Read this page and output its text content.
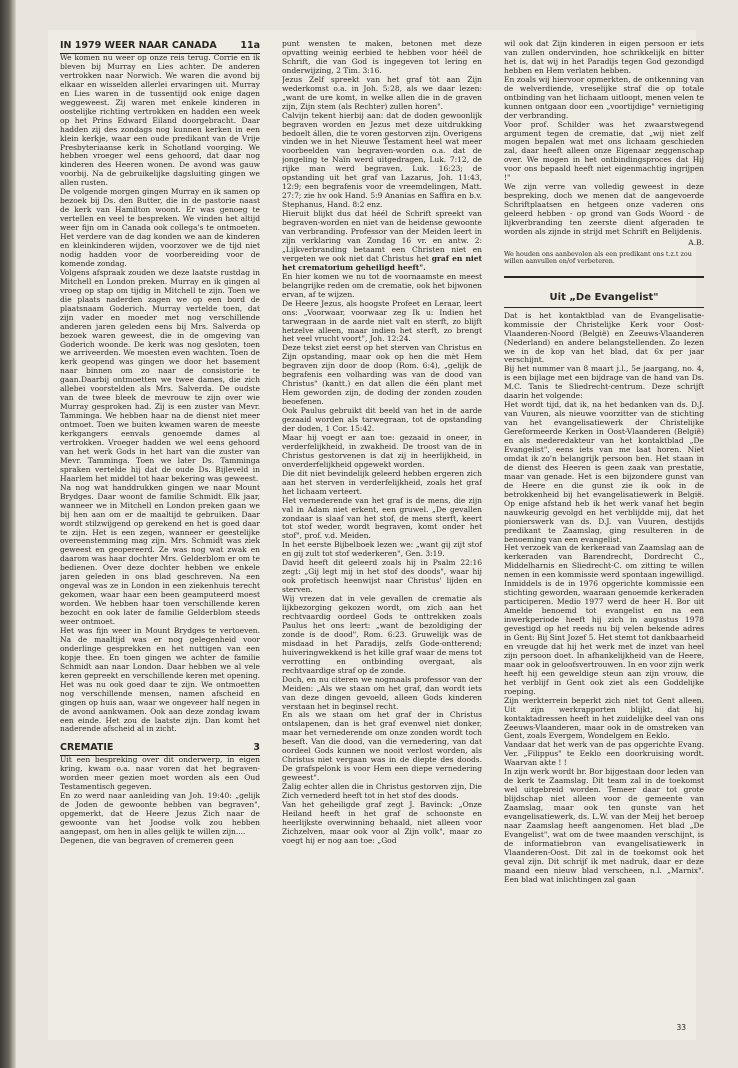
IN 1979 WEER NAAR CANADA 11a

We komen nu weer op onze reis terug. Corrie en ik bleven bij Murray en Lies achter. De anderen vertrokken naar Norwich. We waren die avond bij elkaar en wisselden allerlei ervaringen uit. Murray en Lies waren in de tussentijd ook enige dagen weggeweest. Zij waren met enkele kinderen in oostelijke richting vertrokken en hadden een week op het Prins Edward Eiland doorgebracht. Daar hadden zij des zondags nog kunnen kerken in een klein kerkje, waar een oude predikant van de Vrije Presbyteriaanse kerk in Schotland voorging. We hebben vroeger wel eens gehoord, dat daar nog kinderen des Heeren wonen. De avond was gauw voorbij. Na de gebruikelijke dagsluiting gingen we allen rusten.

De volgende morgen gingen Murray en ik samen op bezoek bij Ds. den Butter, die in de pastorie naast de kerk van Hamilton woont. Er was genoeg te vertellen en veel te bespreken. We vinden het altijd weer fijn om in Canada ook collega's te ontmoeten. Het verdere van de dag konden we aan de kinderen en kleinkinderen wijden, voorzover we de tijd niet nodig hadden voor de voorbereiding voor de komende zondag.

Volgens afspraak zouden we deze laatste rustdag in Mitchell en London preken. Murray en ik gingen al vroeg op stap om tijdig in Mitchell te zijn. Toen we die plaats naderden zagen we op een bord de plaatsnaam Goderich. Murray vertelde toen, dat zijn vader en moeder met nog verschillende anderen jaren geleden eens bij Mrs. Salverda op bezoek waren geweest, die in de omgeving van Goderich woonde. De kerk was nog gesloten, toen we arriveerden. We moesten even wachten. Toen de kerk geopend was gingen we door het basement naar binnen om zo naar de consistorie te gaan.Daarbij ontmoetten we twee dames, die zich allebei voorstelden als Mrs. Salverda. De oudste van de twee bleek de mevrouw te zijn over wie Murray gesproken had. Zij is een zuster van Mevr. Tamminga. We hebben haar na de dienst niet meer ontmoet. Toen we buiten kwamen waren de meeste kerkgangers eenvals genoemde dames al vertrokken. Vroeger hadden we wel eens gehoord van het werk Gods in het hart van die zuster van Mevr. Tamminga. Toen we later Ds. Tamminga spraken vertelde hij dat de oude Ds. Bijleveld in Haarlem het middel tot haar bekering was geweest.

Na nog wat handdrukken gingen we naar Mount Brydges. Daar woont de familie Schmidt. Elk jaar, wanneer we in Mitchell en London preken gaan we bij hen aan om er de maaltijd te gebruiken. Daar wordt stilzwijgend op gerekend en het is goed daar te zijn. Het is een zegen, wanneer er geestelijke overeenstemming mag zijn. Mrs. Schmidt was ziek geweest en geopereerd. Ze was nog wat zwak en daarom was haar dochter Mrs. Gelderblom er om te bedienen. Over deze dochter hebben we enkele jaren geleden in ons blad geschreven. Na een ongeval was ze in London in een ziekenhuis terecht gekomen, waar haar een been geamputeerd moest worden. We hebben haar toen verschillende keren bezocht en ook later de familie Gelderblom steeds weer ontmoet.

Het was fijn weer in Mount Brydges te vertoeven. Na de maaltijd was er nog gelegenheid voor onderlinge gesprekken en het nuttigen van een kopje thee. En toen gingen we achter de familie Schmidt aan naar London. Daar hebben we al vele keren gepreekt en verschillende keren met opening. Het was nu ook goed daar te zijn. We ontmoetten nog verschillende mensen, namen afscheid en gingen op huis aan, waar we ongeveer half negen in de avond aankwamen. Ook aan deze zondag kwam een einde. Het zou de laatste zijn. Dan komt het naderende afscheid al in zicht.

CREMATIE	3

Uit een bespreking over dit onderwerp, in eigen kring, kwam o.a. naar voren dat het begraven-worden meer gezien moet worden als een Oud Testamentisch gegeven.

En zo werd naar aanleiding van Joh. 19:40: „gelijk de Joden de gewoonte hebben van begraven", opgemerkt, dat de Heere Jezus Zich naar de gewoonte van het Joodse volk zou hebben aangepast, om hen in alles gelijk te willen zijn....

Degenen, die van begraven of cremeren geen

punt wensten te maken, betonen met deze opvatting weinig eerbied te hebben voor héél de Schrift, die van God is ingegeven tot lering en onderwijzing, 2 Tim. 3:16.

Jezus Zelf spreekt van het graf tòt aan Zijn wederkomst o.a. in Joh. 5:28, als we daar lezen: „want de ure komt, in welke allen die in de graven zijn, Zijn stem (als Rechter) zullen horen".

Calvijn tekent hierbij aan: dat de doden gewoonlijk begraven worden en Jezus met deze uitdrukking bedoelt állen, die te voren gestorven zijn. Overigens vinden we in het Nieuwe Testament heel wat meer voorbeelden van begraven-worden o.a. dat de jongeling te Naïn werd uitgedragen, Luk. 7:12, de rijke man werd begraven, Luk. 16:23; de opstanding uit het graf van Lazarus, Joh. 11:43, 12:9; een begrafenis voor de vreemdelingen, Matt. 27:7; zie hv ook Hand. 5:9 Ananias en Saffira en b.v. Stephanus, Hand. 8:2 enz.

Hieruit blijkt dus dat héél de Schrift spreekt van begraven-worden en niet van de heidense gewoonte van verbranding. Professor van der Meiden leert in zijn verklaring van Zondag 16 vr. en antw. 2: „Lijkverbranding betaamt een Christen niet en vergeten we ook niet dat Christus het graf en niet het crematorium geheiligd heeft".

En hier komen we nu tot de voornaamste en meest belangrijke reden om de crematie, ook het bijwonen ervan, af te wijzen.

De Heere Jezus, als hoogste Profeet en Leraar, leert ons: „Voorwaar, voorwaar zeg Ik u: Indien het tarwegraan in de aarde niet valt en sterft, zo blijft hetzelve alleen, maar indien het sterft, zo brengt het veel vrucht voort", Joh. 12:24.

Deze tekst ziet eerst op het sterven van Christus en Zijn opstanding, maar ook op hen die mèt Hem begraven zijn door de doop (Rom. 6:4), „gelijk de begrafenis een volharding was van de dood van Christus" (kantt.) en dat allen die één plant met Hem geworden zijn, de doding der zonden zouden beoefenen.

Ook Paulus gebruikt dit beeld van het in de aarde gezaaid worden als tarwegraan, tot de opstanding der doden, 1 Cor. 15:42.

Maar hij voegt er aan toe: gezaaid in oneer, in verderfelijkheid, in zwakheid. De troost van de in Christus gestorvenen is dat zij in heerlijkheid, in onverderfelijkheid opgewekt worden.

Die dit niet bevindelijk geleerd hebben ergeren zich aan het sterven in verderfelijkheid, zoals het graf het lichaam verteert.

Het vernederende van het graf is de mens, die zijn val in Adam niet erkent, een gruwel. „De gevallen zondaar is slaaf van het stof, de mens sterft, keert tot stof weder, wordt begraven, komt onder het stof", prof. v.d. Meiden.

In het eerste Bijbelboek lezen we: „want gij zijt stof en gij zult tot stof wederkeren", Gen. 3:19.

David heeft dit geleerd zoals hij in Psalm 22:16 zegt: „Gij legt mij in het stof des doods", waar hij ook profetisch heenwijst naar Christus' lijden en sterven.

Wij vrezen dat in vele gevallen de crematie als lijkbezorging gekozen wordt, om zich aan het rechtvaardig oordeel Gods te onttrekken zoals Paulus het ons leert: „want de bezoldiging der zonde is de dood", Rom. 6:23. Gruwelijk was de misdaad in het Paradijs, zelfs Gode-ontterend; huiveringwekkend is het kille graf waar de mens tot verrotting en ontbinding overgaat, als rechtvaardige straf op de zonde.

Doch, en nu citeren we nogmaals professor van der Meiden: „Als we staan om het graf, dan wordt iets van deze dingen gevoeld, alleen Gods kinderen verstaan het in beginsel recht.

En als we staan om het graf der in Christus ontslapenen, dan is het graf evenwel niet donker, maar het vernederende om onze zonden wordt toch beseft. Van die dood, van die vernedering, van dat oordeel Gods kunnen we nooit verlost worden, als Christus niet vergaan was in de diepte des doods. De grafspelonk is voor Hem een diepe vernedering geweest".

Zalig echter allen die in Christus gestorven zijn, Die Zich vernederd heeft tot in het stof des doods.

Van het geheiligde graf zegt J. Bavinck: „Onze Heiland heeft in het graf de schoonste en heerlijkste overwinning behaald, niet alleen voor Zichzelven, maar ook voor al Zijn volk", maar zo voegt hij er nog aan toe: „God

wil ook dat Zijn kinderen in eigen persoon er iets van zullen ondervinden, hoe schrikkelijk en bitter het is, dat wij in het Paradijs tegen God gezondigd hebben en Hem verlaten hebben.

En zoals wij hiervoor opmerkten, de ontkenning van de welverdiende, vreselijke straf die op totale ontbinding van het lichaam uitloopt, menen velen te kunnen ontgaan door een „voortijdige" vernietiging der verbranding.

Voor prof. Schilder was het zwaarstwegend argument tegen de crematie, dat „wij niet zelf mogen bepalen wat met ons lichaam geschieden zal, daar heeft alleen onze Eigenaar zeggenschap over. We mogen in het ontbindingsproces dat Hij voor ons bepaald heeft niet eigenmachtig ingrijpen !"

We zijn verre van volledig geweest in deze bespreking, doch we menen dat de aangevoerde Schriftplaatsen en hetgeen onze vaderen ons geleerd hebben - op grond van Gods Woord - de lijkverbranding ten zeerste dient afgeraden te worden als zijnde in strijd met Schrift en Belijdenis.

A.B.
We houden ons aanbevolen als een predikant ons t.z.t zou willen aanvullen en/of verbeteren.
Uit „De Evangelist"

Dat is het kontaktblad van de Evangelisatie-kommissie der Christelijke Kerk voor Oost-Vlaanderen-Noord (België) en Zeeuws-Vlaanderen (Nederland) en andere belangstellenden. Zo lezen we in de kop van het blad, dat 6x per jaar verschijnt.

Bij het nummer van 8 maart j.l., 5e jaargang, no. 4, is een bijlage met een bijdrage van de hand van Ds. M.C. Tanis te Sliedrecht-centrum. Deze schrijft daarin het volgende:

Het wordt tijd, dat ik, na het bedanken van ds. D.J. van Vuuren, als nieuwe voorzitter van de stichting van het evangelisatiewerk der Christelijke Gereformeerde Kerken in Oost-Vlaanderen (België) en als mederedakteur van het kontaktblad „De Evangelist", eens iets van me laat horen. Niet omdat ik zo'n belangrijk persoon ben. Het staan in de dienst des Heeren is geen zaak van prestatie, maar van genade. Het is een bijzondere gunst van de Heere en die gunst zie ik ook in de betrokkenheid bij het evangelisatiewerk in België. Op enige afstand heb ik het werk vanaf het begin nauwkeurig gevolgd en het verblijdde mij, dat het pionierswerk van ds. D.J. van Vuuren, destijds predikant te Zaamslag, ging resulteren in de benoeming van een evangelist.

Het verzoek van de kerkeraad van Zaamslag aan de kerkeraden van Barendrecht, Dordrecht C., Middelharnis en Sliedrecht-C. om zitting te willen nemen in een kommissie werd spontaan ingewilligd. Inmiddels is de in 1976 opgerichte kommissie een stichting geworden, waaraan genoemde kerkeraden participeren. Medio 1977 werd de heer H. Bor uit Amelde benoemd tot evangelist en na een inwerkperiode heeft hij zich in augustus 1978 gevestigd op het reeds nu bij velen bekende adres in Gent: Bij Sint Jozef 5. Het stemt tot dankbaarheid en vreugde dat hij het werk met de inzet van heel zijn persoon doet. In afhankelijkheid van de Heere, maar ook in geloofsvertrouwen. In en voor zijn werk heeft hij een geweldige steun aan zijn vrouw, die het verblijf in Gent ook ziet als een Goddelijke roeping.

Zijn werkterrein beperkt zich niet tot Gent alleen. Uit zijn werkrapporten blijkt, dat hij kontaktadressen heeft in het zuidelijke deel van ons Zeeuws-Vlaanderen, maar ook in de omstreken van Gent, zoals Evergem, Wondelgem en Eeklo.

Vandaar dat het werk van de pas opgerichte Evang. Ver. „Filippus" te Eeklo een doorkruising wordt. Waarvan akte ! !

In zijn werk wordt br. Bor bijgestaan door leden van de kerk te Zaamslag. Dit team zal in de toekomst wel uitgebreid worden. Temeer daar tot grote blijdschap niet alleen voor de gemeente van Zaamslag, maar ook ten gunste van het evangelisatiewerk, ds. L.W. van der Meij het beroep naar Zaamslag heeft aangenomen. Het blad „De Evangelist", wat om de twee maanden verschijnt, is de informatiebron van evangelisatiewerk in Vlaanderen-Oost. Dit zal in de toekomst ook het geval zijn. Dit schrijf ik met nadruk, daar er deze maand een nieuw blad verscheen, n.l. „Marnix". Een blad wat inlichtingen zal gaan

33
